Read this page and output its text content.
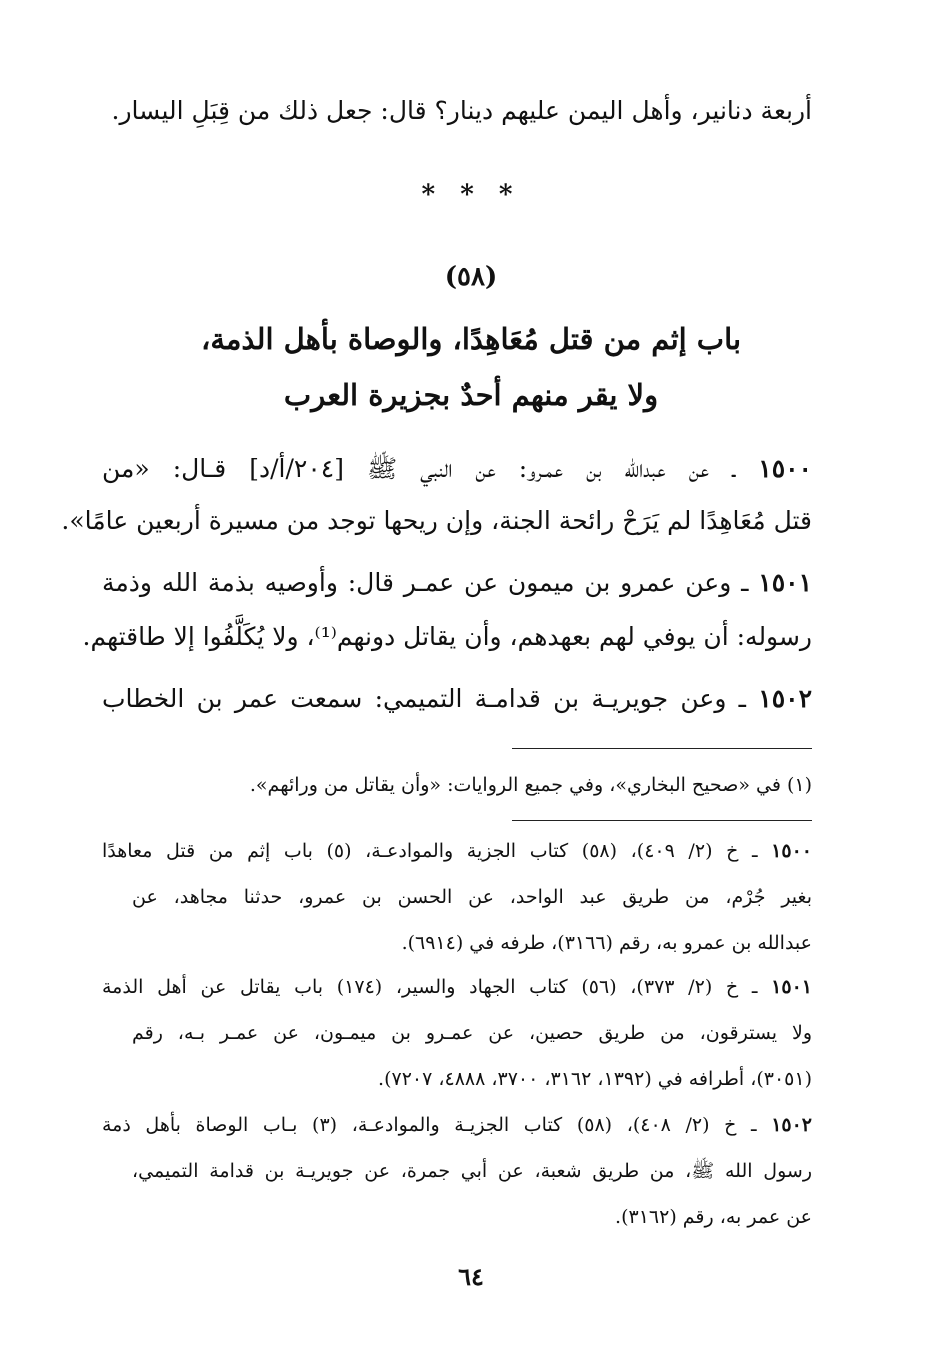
أربعة دنانير، وأهل اليمن عليهم دينار؟ قال: جعل ذلك من قِبَلِ اليسار.
* * *
(٥٨)
باب إثم من قتل مُعَاهِدًا، والوصاة بأهل الذمة،
ولا يقر منهم أحدٌ بجزيرة العرب
١٥٠٠ ـ عن عبدالله بن عمـرو: عن النبي ﷺ [٢٠٤/أ/د] قـال: «من
قتل مُعَاهِدًا لم يَرَحْ رائحة الجنة، وإن ريحها توجد من مسيرة أربعين عامًا».
١٥٠١ ـ وعن عمرو بن ميمون عن عمـر قال: وأوصيه بذمة الله وذمة
رسوله: أن يوفي لهم بعهدهم، وأن يقاتل دونهم⁽¹⁾، ولا يُكَلَّفُوا إلا طاقتهم.
١٥٠٢ ـ وعن جويريـة بن قدامـة التميمي: سمعت عمر بن الخطاب
(١) في «صحيح البخاري»، وفي جميع الروايات: «وأن يقاتل من ورائهم».
١٥٠٠ ـ خ (٢/ ٤٠٩)، (٥٨) كتاب الجزية والموادعـة، (٥) باب إثم من قتل معاهدًا
بغير جُرْم، من طريق عبد الواحد، عن الحسن بن عمرو، حدثنا مجاهد، عن
عبدالله بن عمرو به، رقم (٣١٦٦)، طرفه في (٦٩١٤).
١٥٠١ ـ خ (٢/ ٣٧٣)، (٥٦) كتاب الجهاد والسير، (١٧٤) باب يقاتل عن أهل الذمة
ولا يسترقون، من طريق حصين، عن عمـرو بن ميمـون، عن عمـر بـه، رقم
(٣٠٥١)، أطرافه في (١٣٩٢، ٣١٦٢، ٣٧٠٠، ٤٨٨٨، ٧٢٠٧).
١٥٠٢ ـ خ (٢/ ٤٠٨)، (٥٨) كتاب الجزيـة والموادعـة، (٣) بـاب الوصاة بأهل ذمة
رسول الله ﷺ، من طريق شعبة، عن أبي جمرة، عن جويريـة بن قدامة التميمي،
عن عمر به، رقم (٣١٦٢).
٦٤
